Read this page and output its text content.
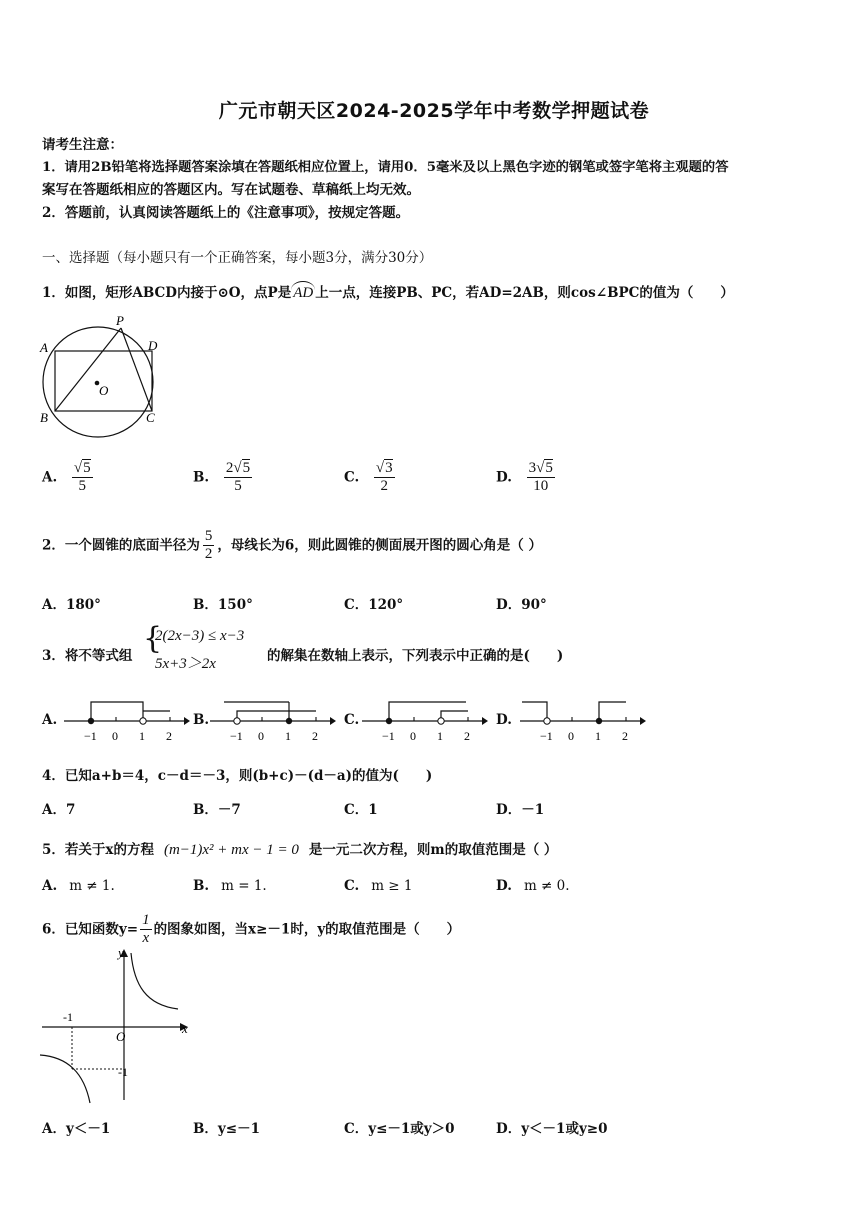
广元市朝天区2024-2025学年中考数学押题试卷
请考生注意：
1．请用2B铅笔将选择题答案涂填在答题纸相应位置上，请用0．5毫米及以上黑色字迹的钢笔或签字笔将主观题的答
案写在答题纸相应的答题区内。写在试题卷、草稿纸上均无效。
2．答题前，认真阅读答题纸上的《注意事项》，按规定答题。
一、选择题（每小题只有一个正确答案，每小题3分，满分30分）
1．如图，矩形ABCD内接于⊙O，点P是 AD 上一点，连接PB、PC，若AD=2AB，则cos∠BPC的值为（　　）
A
B	C
D
P
O
A. $\frac{√5}{5}$	B. $\frac{2√5}{5}$	C. $\frac{√3}{2}$	D. $\frac{3√5}{10}$
2．一个圆锥的底面半径为 $\frac{5}{2}$ ，母线长为6，则此圆锥的侧面展开图的圆心角是（ ）
A．180°	B．150°	C．120°	D．90°
3．将不等式组 {
2(2x−3) ≤ x−3
5x+3＞2x	的解集在数轴上表示，下列表示中正确的是(　　)
A.	B.	C.	D.
−1 0 1 2	−1 0 1 2	−1 0 1 2	−1 0 1 2
4．已知a+b＝4，c－d＝－3，则(b+c)－(d－a)的值为(　　)
A．7	B．－7	C．1	D．－1
5．若关于x的方程 (m−1)x² + mx − 1 = 0 是一元二次方程，则m的取值范围是（ ）
A. m ≠ 1.	B. m = 1.	C. m ≥ 1	D. m ≠ 0.
6．已知函数$y= \frac{1}{x}$ 的图象如图，当x≥－1时，y的取值范围是（　　）
y
x
O
-1
-1
A．y＜－1	B．y≤－1	C．y≤－1或y＞0	D．y＜－1或y≥0
